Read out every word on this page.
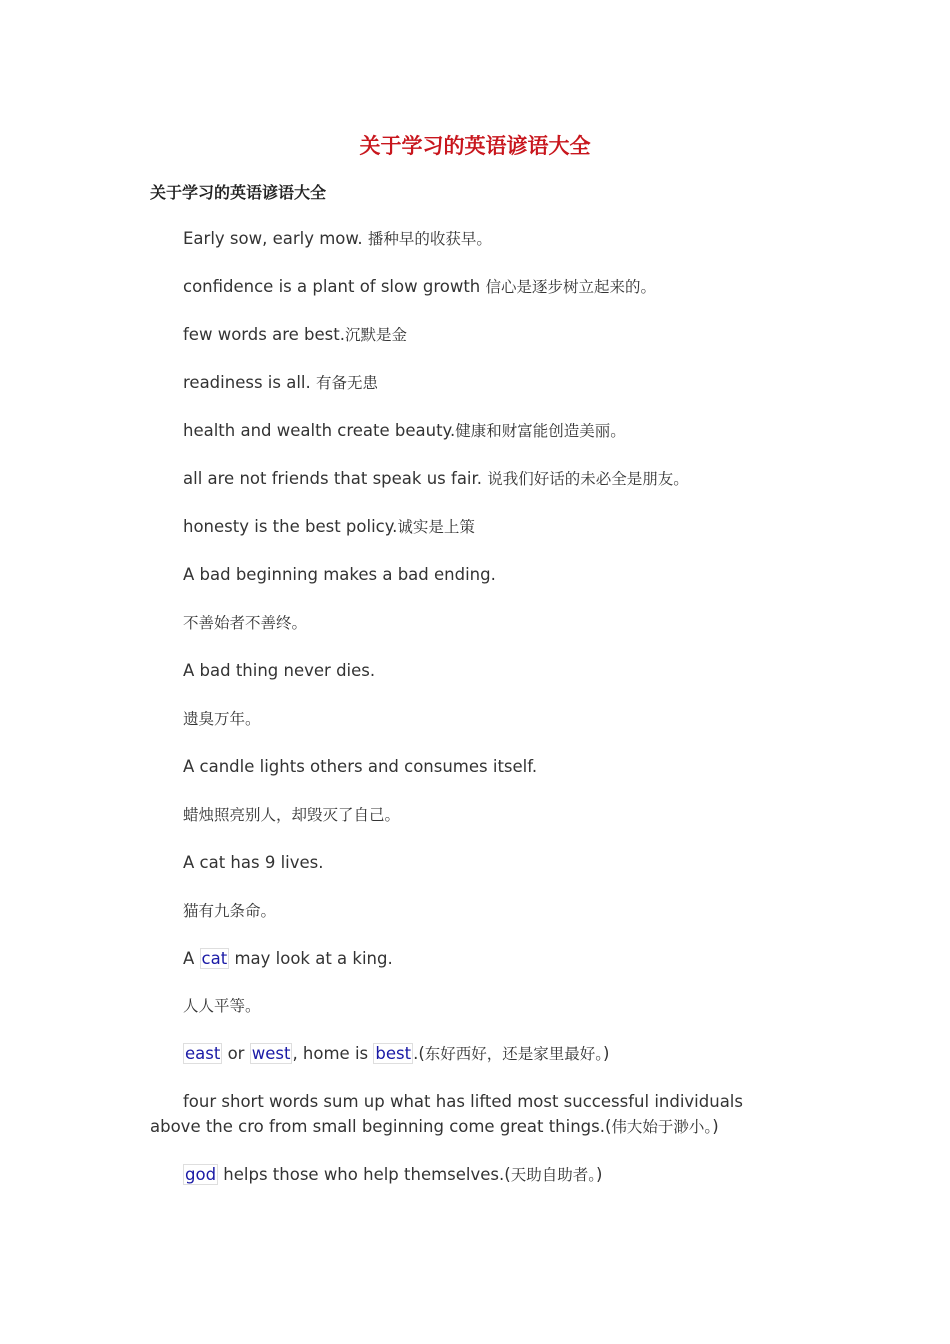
关于学习的英语谚语大全
关于学习的英语谚语大全

Early sow, early mow. 播种早的收获早。

confidence is a plant of slow growth 信心是逐步树立起来的。

few words are best.沉默是金

readiness is all. 有备无患

health and wealth create beauty.健康和财富能创造美丽。

all are not friends that speak us fair. 说我们好话的未必全是朋友。

honesty is the best policy.诚实是上策

A bad beginning makes a bad ending.

不善始者不善终。

A bad thing never dies.

遗臭万年。

A candle lights others and consumes itself.

蜡烛照亮别人，却毁灭了自己。

A cat has 9 lives.

猫有九条命。

A cat may look at a king.

人人平等。

east or west , home is best .(东好西好，还是家里最好。)

four short words sum up what has lifted most successful individuals above the cro from small beginning come great things.(伟大始于渺小。)

god helps those who help themselves.(天助自助者。)
